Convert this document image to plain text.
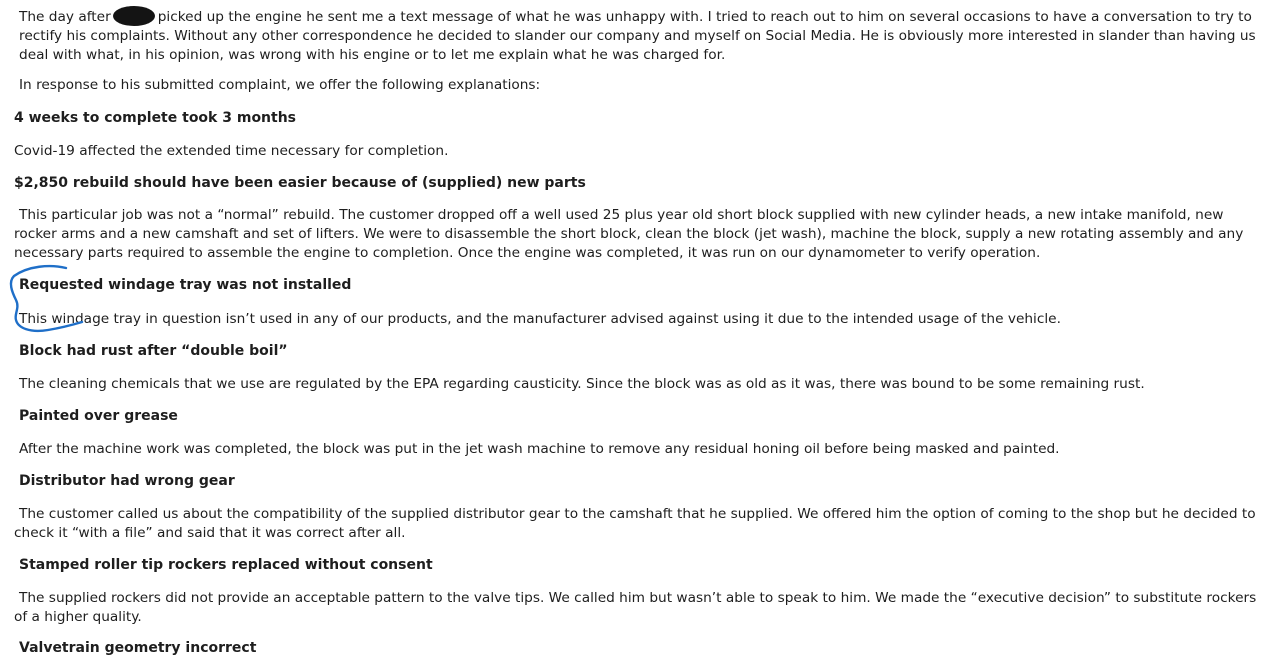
The day after	picked up the engine he sent me a text message of what he was unhappy with. I tried to reach out to him on several occasions to have a conversation to try to rectify his complaints. Without any other correspondence he decided to slander our company and myself on Social Media. He is obviously more interested in slander than having us deal with what, in his opinion, was wrong with his engine or to let me explain what he was charged for.
In response to his submitted complaint, we offer the following explanations:
4 weeks to complete took 3 months
Covid-19 affected the extended time necessary for completion.
$2,850 rebuild should have been easier because of (supplied) new parts
This particular job was not a “normal” rebuild. The customer dropped off a well used 25 plus year old short block supplied with new cylinder heads, a new intake manifold, new rocker arms and a new camshaft and set of lifters. We were to disassemble the short block, clean the block (jet wash), machine the block, supply a new rotating assembly and any necessary parts required to assemble the engine to completion. Once the engine was completed, it was run on our dynamometer to verify operation.
Requested windage tray was not installed
This windage tray in question isn’t used in any of our products, and the manufacturer advised against using it due to the intended usage of the vehicle.
Block had rust after “double boil”
The cleaning chemicals that we use are regulated by the EPA regarding causticity. Since the block was as old as it was, there was bound to be some remaining rust.
Painted over grease
After the machine work was completed, the block was put in the jet wash machine to remove any residual honing oil before being masked and painted.
Distributor had wrong gear
The customer called us about the compatibility of the supplied distributor gear to the camshaft that he supplied. We offered him the option of coming to the shop but he decided to check it “with a file” and said that it was correct after all.
Stamped roller tip rockers replaced without consent
The supplied rockers did not provide an acceptable pattern to the valve tips. We called him but wasn’t able to speak to him. We made the “executive decision” to substitute rockers of a higher quality.
Valvetrain geometry incorrect
